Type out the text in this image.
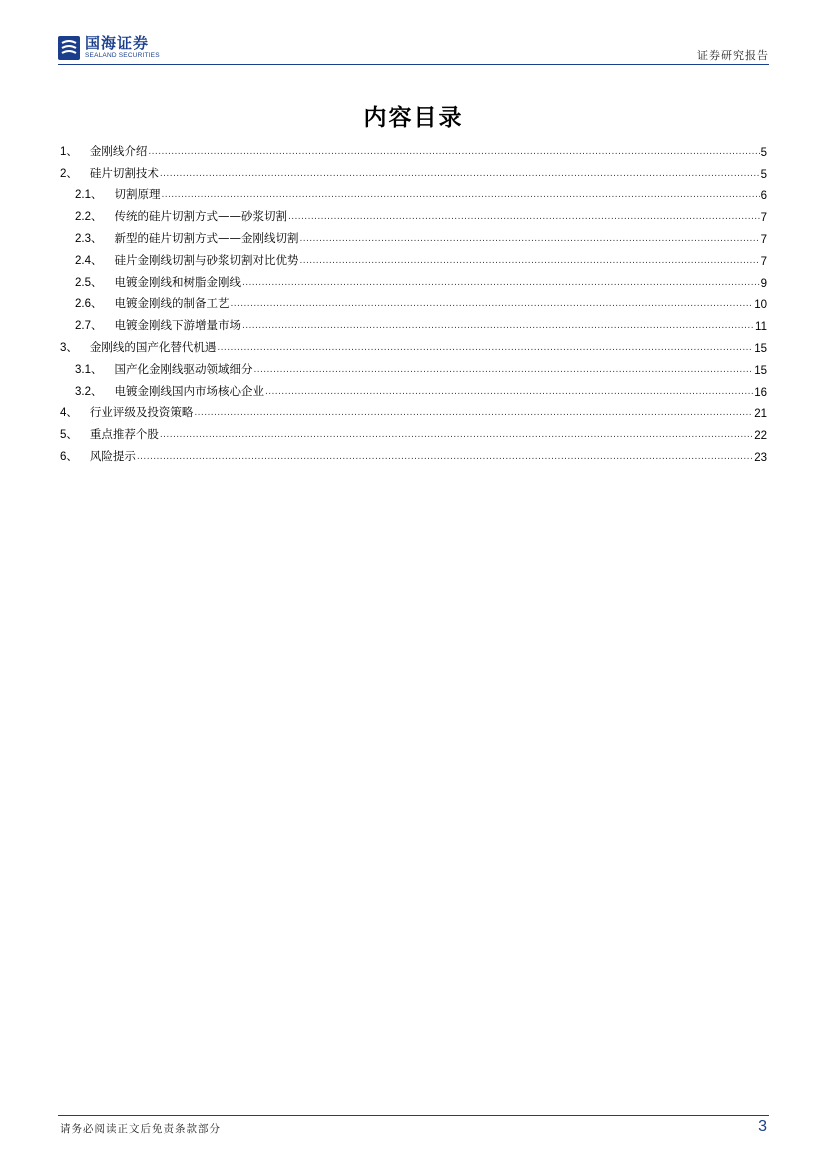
国海证券
SEALAND SECURITIES	证券研究报告
内容目录
1、 金刚线介绍 .....	5
2、 硅片切割技术 .....	5
2.1、 切割原理 .....	6
2.2、 传统的硅片切割方式——砂浆切割 .....	7
2.3、 新型的硅片切割方式——金刚线切割 .....	7
2.4、 硅片金刚线切割与砂浆切割对比优势 .....	7
2.5、 电镀金刚线和树脂金刚线 .....	9
2.6、 电镀金刚线的制备工艺 .....	10
2.7、 电镀金刚线下游增量市场 .....	11
3、 金刚线的国产化替代机遇 .....	15
3.1、 国产化金刚线驱动领域细分 .....	15
3.2、 电镀金刚线国内市场核心企业 .....	16
4、 行业评级及投资策略 .....	21
5、 重点推荐个股 .....	22
6、 风险提示 .....	23
请务必阅读正文后免责条款部分	3
